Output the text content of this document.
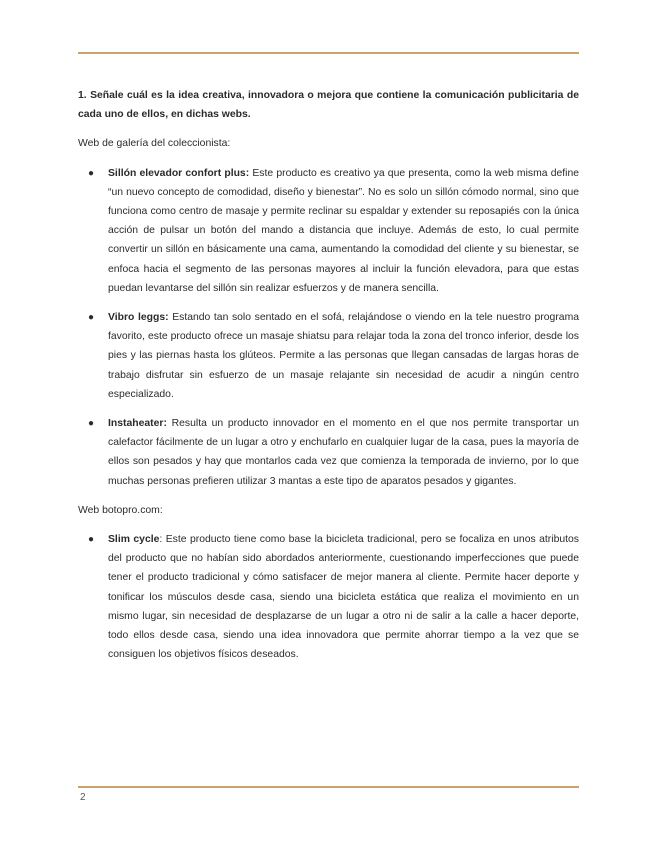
1. Señale cuál es la idea creativa, innovadora o mejora que contiene la comunicación publicitaria de cada uno de ellos, en dichas webs.

Web de galería del coleccionista:

● Sillón elevador confort plus: Este producto es creativo ya que presenta, como la web misma define “un nuevo concepto de comodidad, diseño y bienestar”. No es solo un sillón cómodo normal, sino que funciona como centro de masaje y permite reclinar su espaldar y extender su reposapiés con la única acción de pulsar un botón del mando a distancia que incluye. Además de esto, lo cual permite convertir un sillón en básicamente una cama, aumentando la comodidad del cliente y su bienestar, se enfoca hacia el segmento de las personas mayores al incluir la función elevadora, para que estas puedan levantarse del sillón sin realizar esfuerzos y de manera sencilla.
● Vibro leggs: Estando tan solo sentado en el sofá, relajándose o viendo en la tele nuestro programa favorito, este producto ofrece un masaje shiatsu para relajar toda la zona del tronco inferior, desde los pies y las piernas hasta los glúteos. Permite a las personas que llegan cansadas de largas horas de trabajo disfrutar sin esfuerzo de un masaje relajante sin necesidad de acudir a ningún centro especializado.
● Instaheater: Resulta un producto innovador en el momento en el que nos permite transportar un calefactor fácilmente de un lugar a otro y enchufarlo en cualquier lugar de la casa, pues la mayoría de ellos son pesados y hay que montarlos cada vez que comienza la temporada de invierno, por lo que muchas personas prefieren utilizar 3 mantas a este tipo de aparatos pesados y gigantes.

Web botopro.com:

● Slim cycle: Este producto tiene como base la bicicleta tradicional, pero se focaliza en unos atributos del producto que no habían sido abordados anteriormente, cuestionando imperfecciones que puede tener el producto tradicional y cómo satisfacer de mejor manera al cliente. Permite hacer deporte y tonificar los músculos desde casa, siendo una bicicleta estática que realiza el movimiento en un mismo lugar, sin necesidad de desplazarse de un lugar a otro ni de salir a la calle a hacer deporte, todo ellos desde casa, siendo una idea innovadora que permite ahorrar tiempo a la vez que se consiguen los objetivos físicos deseados.
2
